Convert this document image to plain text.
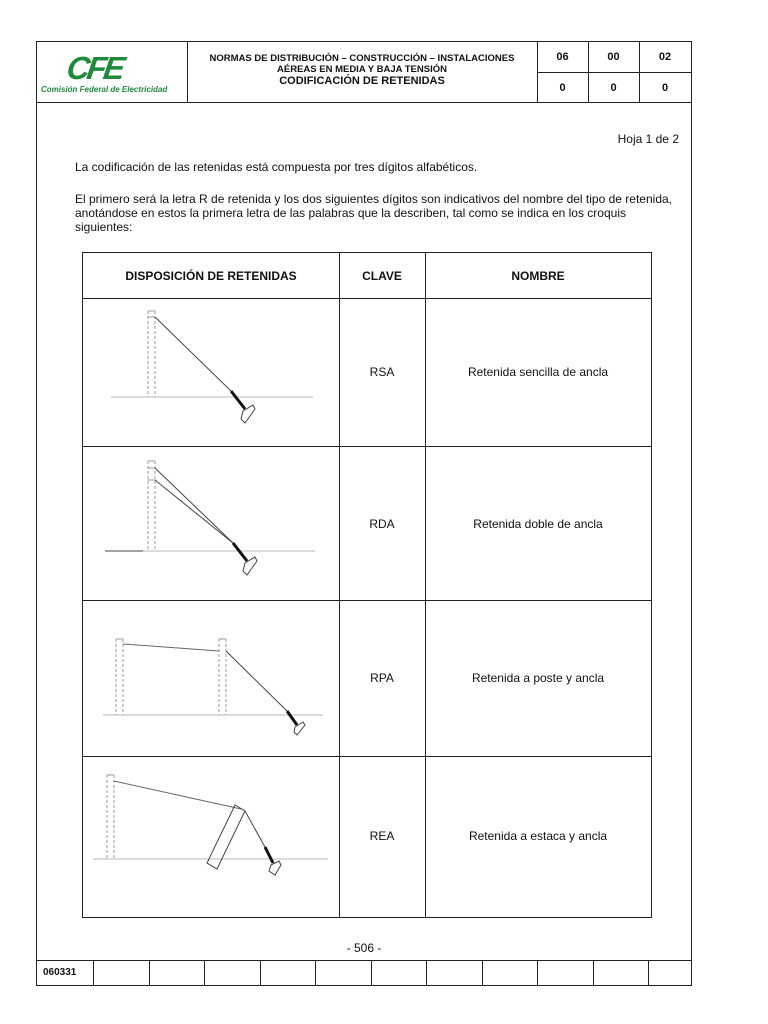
CFE
Comisión Federal de Electricidad
NORMAS DE DISTRIBUCIÓN – CONSTRUCCIÓN – INSTALACIONES
AÉREAS EN MEDIA Y BAJA TENSIÓN
CODIFICACIÓN DE RETENIDAS
06	00	02
0	0	0
Hoja 1 de 2
La codificación de las retenidas está compuesta por tres dígitos alfabéticos.
El primero será la letra R de retenida y los dos siguientes dígitos son indicativos del nombre del tipo de retenida, anotándose en estos la primera letra de las palabras que la describen, tal como se indica en los croquis siguientes:
DISPOSICIÓN DE RETENIDAS	CLAVE	NOMBRE
RSA	Retenida sencilla de ancla
RDA	Retenida doble de ancla
RPA	Retenida a poste y ancla
REA	Retenida a estaca y ancla
- 506 -
060331
